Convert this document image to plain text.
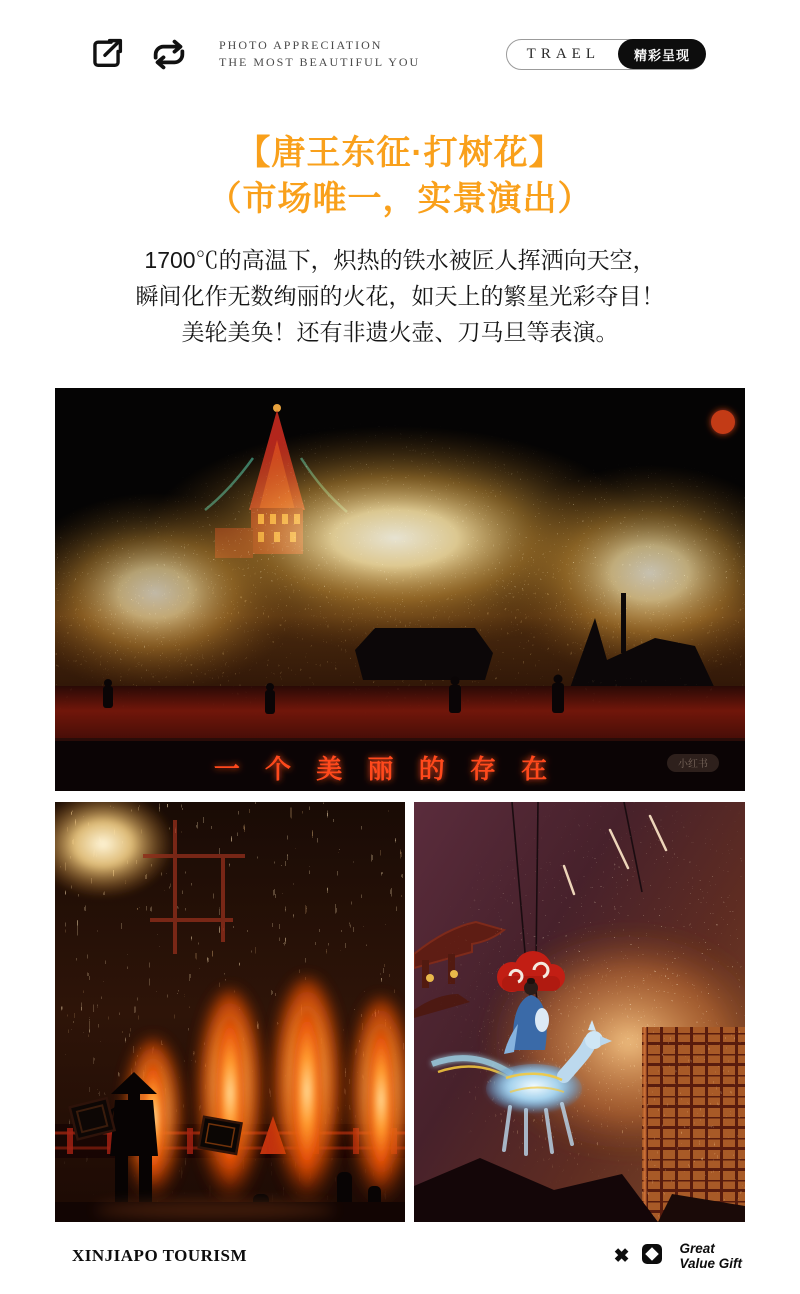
PHOTO APPRECIATION
THE MOST BEAUTIFUL YOU
TRAEL	精彩呈现
【唐王东征·打树花】
（市场唯一，实景演出）
1700℃的高温下，炽热的铁水被匠人挥洒向天空，
瞬间化作无数绚丽的火花，如天上的繁星光彩夺目！
美轮美奂！还有非遗火壶、刀马旦等表演。
一 个 美 丽 的 存 在	小红书
XINJIAPO TOURISM	✖	Great
Value Gift
